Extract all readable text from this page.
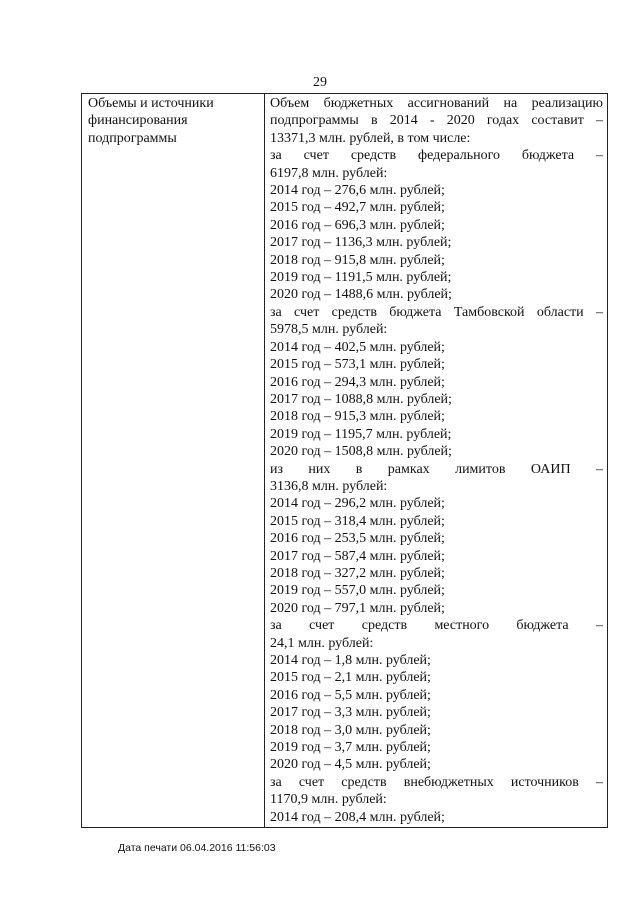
29
Объемы и источники
финансирования
подпрограммы

Объем бюджетных ассигнований на реализацию
подпрограммы в 2014 - 2020 годах составит –
13371,3 млн. рублей, в том числе:
за счет средств федерального бюджета –
6197,8 млн. рублей:
2014 год – 276,6 млн. рублей;
2015 год – 492,7 млн. рублей;
2016 год – 696,3 млн. рублей;
2017 год – 1136,3 млн. рублей;
2018 год – 915,8 млн. рублей;
2019 год – 1191,5 млн. рублей;
2020 год – 1488,6 млн. рублей;
за счет средств бюджета Тамбовской области –
5978,5 млн. рублей:
2014 год – 402,5 млн. рублей;
2015 год – 573,1 млн. рублей;
2016 год – 294,3 млн. рублей;
2017 год – 1088,8 млн. рублей;
2018 год – 915,3 млн. рублей;
2019 год – 1195,7 млн. рублей;
2020 год – 1508,8 млн. рублей;
из них в рамках лимитов ОАИП –
3136,8 млн. рублей:
2014 год – 296,2 млн. рублей;
2015 год – 318,4 млн. рублей;
2016 год – 253,5 млн. рублей;
2017 год – 587,4 млн. рублей;
2018 год – 327,2 млн. рублей;
2019 год – 557,0 млн. рублей;
2020 год – 797,1 млн. рублей;
за счет средств местного бюджета –
24,1 млн. рублей:
2014 год – 1,8 млн. рублей;
2015 год – 2,1 млн. рублей;
2016 год – 5,5 млн. рублей;
2017 год – 3,3 млн. рублей;
2018 год – 3,0 млн. рублей;
2019 год – 3,7 млн. рублей;
2020 год – 4,5 млн. рублей;
за счет средств внебюджетных источников –
1170,9 млн. рублей:
2014 год – 208,4 млн. рублей;
Дата печати 06.04.2016 11:56:03
